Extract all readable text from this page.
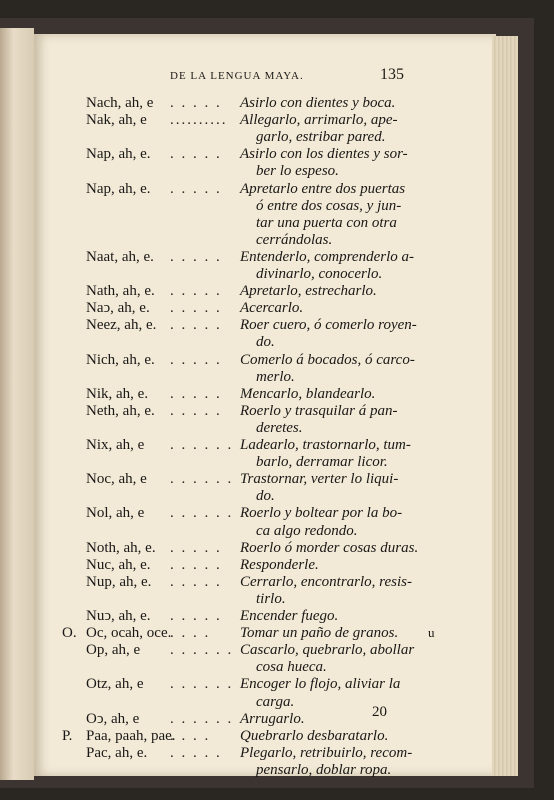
DE LA LENGUA MAYA.	135
Nach, ah, e . . . . . Asirlo con dientes y boca.
Nak, ah, e .......... Allegarlo, arrimarlo, ape-
garlo, estribar pared.
Nap, ah, e. . . . . . Asirlo con los dientes y sor-
ber lo espeso.
Nap, ah, e. . . . . . Apretarlo entre dos puertas
ó entre dos cosas, y jun-
tar una puerta con otra
cerrándolas.
Naat, ah, e. . . . . . Entenderlo, comprenderlo a-
divinarlo, conocerlo.
Nath, ah, e. . . . . . Apretarlo, estrecharlo.
Naↄ, ah, e. . . . . . Acercarlo.
Neez, ah, e. . . . . . Roer cuero, ó comerlo royen-
do.
Nich, ah, e. . . . . . Comerlo á bocados, ó carco-
merlo.
Nik, ah, e. . . . . . Mencarlo, blandearlo.
Neth, ah, e. . . . . . Roerlo y trasquilar á pan-
deretes.
Nix, ah, e . . . . . . Ladearlo, trastornarlo, tum-
barlo, derramar licor.
Noc, ah, e . . . . . . Trastornar, verter lo liqui-
do.
Nol, ah, e . . . . . . Roerlo y boltear por la bo-
ca algo redondo.
Noth, ah, e. . . . . . Roerlo ó morder cosas duras.
Nuc, ah, e. . . . . . Responderle.
Nup, ah, e. . . . . . Cerrarlo, encontrarlo, resis-
tirlo.
Nuↄ, ah, e. . . . . . Encender fuego.
O. Oc, ocah, oce.
. . . . Tomar un paño de granos. u
Op, ah, e . . . . . . Cascarlo, quebrarlo, abollar
cosa hueca.
Otz, ah, e . . . . . . Encoger lo flojo, aliviar la
carga.
Oↄ, ah, e . . . . . . Arrugarlo.
P. Paa, paah, pae.
. . . . Quebrarlo desbaratarlo.
Pac, ah, e. . . . . . Plegarlo, retribuirlo, recom-
pensarlo, doblar ropa.
20
